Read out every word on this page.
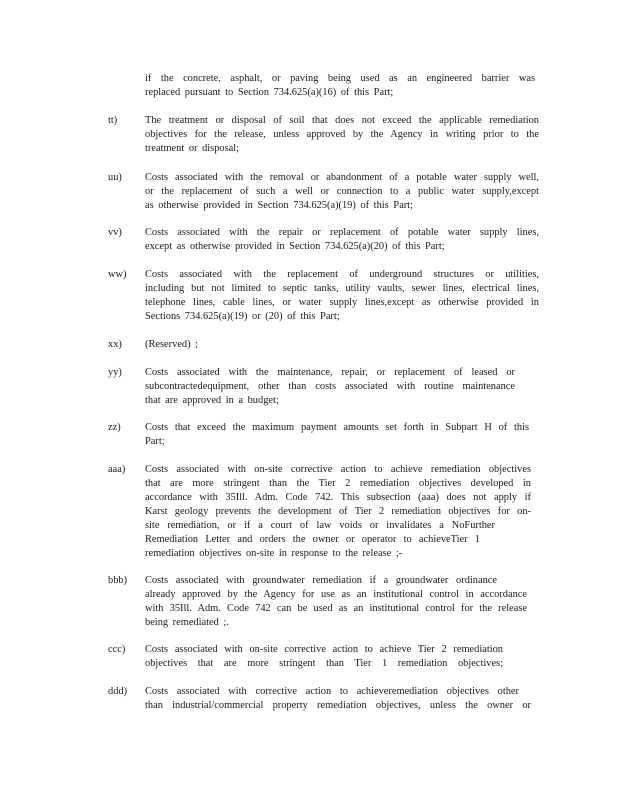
if the concrete, asphalt, or paving being used as an engineered barrier was
replaced pursuant to Section 734.625(a)(16) of this Part;
tt)	The treatment or disposal of soil that does not exceed the applicable remediation
objectives for the release, unless approved by the Agency in writing prior to the
treatment or disposal;
uu)	Costs associated with the removal or abandonment of a potable water supply well,
or the replacement of such a well or connection to a public water supply,except
as otherwise provided in Section 734.625(a)(19) of this Part;
vv)	Costs associated with the repair or replacement of potable water supply lines,
except as otherwise provided in Section 734.625(a)(20) of this Part;
ww)	Costs associated with the replacement of underground structures or utilities,
including but not limited to septic tanks, utility vaults, sewer lines, electrical lines,
telephone lines, cable lines, or water supply lines,except as otherwise provided in
Sections 734.625(a)(19) or (20) of this Part;
xx)	(Reserved) ;
yy)	Costs associated with the maintenance, repair, or replacement of leased or
subcontractedequipment, other than costs associated with routine maintenance
that are approved in a budget;
zz)	Costs that exceed the maximum payment amounts set forth in Subpart H of this
Part;
aaa)	Costs associated with on-site corrective action to achieve remediation objectives
that are more stringent than the Tier 2 remediation objectives developed in
accordance with 35Ill. Adm. Code 742. This subsection (aaa) does not apply if
Karst geology prevents the development of Tier 2 remediation objectives for on-
site remediation, or if a court of law voids or invalidates a NoFurther
Remediation Letter and orders the owner or operator to achieveTier 1
remediation objectives on-site in response to the release ;-
bbb)	Costs associated with groundwater remediation if a groundwater ordinance
already approved by the Agency for use as an institutional control in accordance
with 35Ill. Adm. Code 742 can be used as an institutional control for the release
being remediated ;.
ccc)	Costs associated with on-site corrective action to achieve Tier 2 remediation
objectives that are more stringent than Tier 1 remediation objectives;
ddd)	Costs associated with corrective action to achieveremediation objectives other
than industrial/commercial property remediation objectives, unless the owner or
